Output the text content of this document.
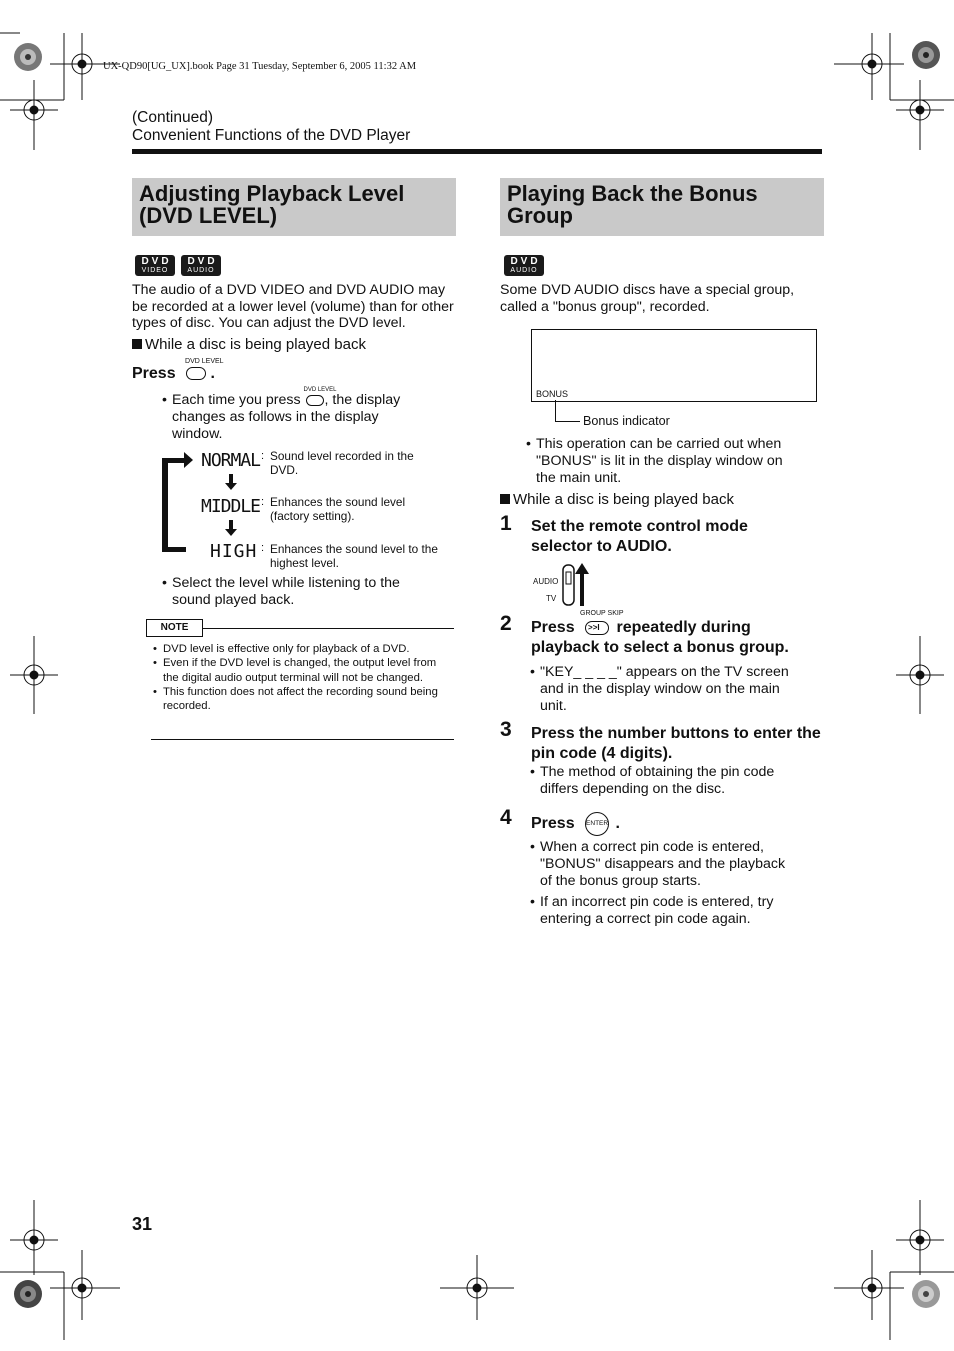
UX-QD90[UG_UX].book Page 31 Tuesday, September 6, 2005 11:32 AM
(Continued)
Convenient Functions of the DVD Player
Adjusting Playback Level (DVD LEVEL)
DVD
VIDEO
DVD
AUDIO
The audio of a DVD VIDEO and DVD AUDIO may be recorded at a lower level (volume) than for other types of disc. You can adjust the DVD level.
While a disc is being played back
Press
DVD LEVEL
.
• Each time you press
DVD LEVEL
, the display changes as follows in the display window.
NORMAL : Sound level recorded in the DVD.
MIDDLE : Enhances the sound level (factory setting).
HIGH : Enhances the sound level to the highest level.
• Select the level while listening to the sound played back.
NOTE
• DVD level is effective only for playback of a DVD.
• Even if the DVD level is changed, the output level from the digital audio output terminal will not be changed.
• This function does not affect the recording sound being recorded.
Playing Back the Bonus Group
DVD
AUDIO
Some DVD AUDIO discs have a special group, called a "bonus group", recorded.
BONUS
Bonus indicator
• This operation can be carried out when "BONUS" is lit in the display window on the main unit.
While a disc is being played back
1 Set the remote control mode selector to AUDIO.
AUDIO
TV
2 Press
GROUP SKIP
>>I repeatedly during playback to select a bonus group.
• "KEY_ _ _ _" appears on the TV screen and in the display window on the main unit.
3 Press the number buttons to enter the pin code (4 digits).
• The method of obtaining the pin code differs depending on the disc.
4 Press ENTER .
• When a correct pin code is entered, "BONUS" disappears and the playback of the bonus group starts.
• If an incorrect pin code is entered, try entering a correct pin code again.
31
